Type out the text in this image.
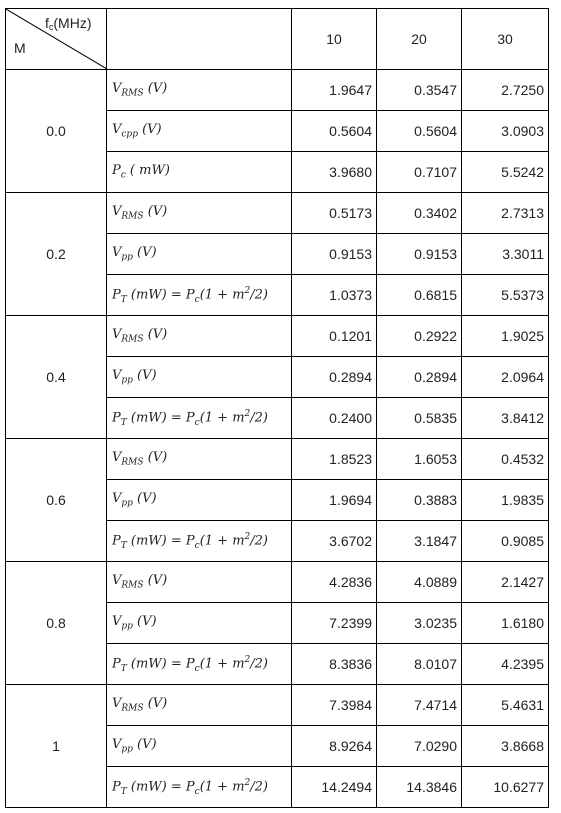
$f_c(MHz)$
M		10	20	30
0.0	$V_{RMS}$ (V)	1.9647	0.3547	2.7250
	$V_{cpp}$ (V)	0.5604	0.5604	3.0903
	$P_c$ ( mW)	3.9680	0.7107	5.5242
0.2	$V_{RMS}$ (V)	0.5173	0.3402	2.7313
	$V_{pp}$ (V)	0.9153	0.9153	3.3011
	$P_T$ $(mW) = P_c(1 + m^2/2)$	1.0373	0.6815	5.5373
0.4	$V_{RMS}$ (V)	0.1201	0.2922	1.9025
	$V_{pp}$ (V)	0.2894	0.2894	2.0964
	$P_T$ $(mW) = P_c(1 + m^2/2)$	0.2400	0.5835	3.8412
0.6	$V_{RMS}$ (V)	1.8523	1.6053	0.4532
	$V_{pp}$ (V)	1.9694	0.3883	1.9835
	$P_T$ $(mW) = P_c(1 + m^2/2)$	3.6702	3.1847	0.9085
0.8	$V_{RMS}$ (V)	4.2836	4.0889	2.1427
	$V_{pp}$ (V)	7.2399	3.0235	1.6180
	$P_T$ $(mW) = P_c(1 + m^2/2)$	8.3836	8.0107	4.2395
1	$V_{RMS}$ (V)	7.3984	7.4714	5.4631
	$V_{pp}$ (V)	8.9264	7.0290	3.8668
	$P_T$ $(mW) = P_c(1 + m^2/2)$	14.2494	14.3846	10.6277
